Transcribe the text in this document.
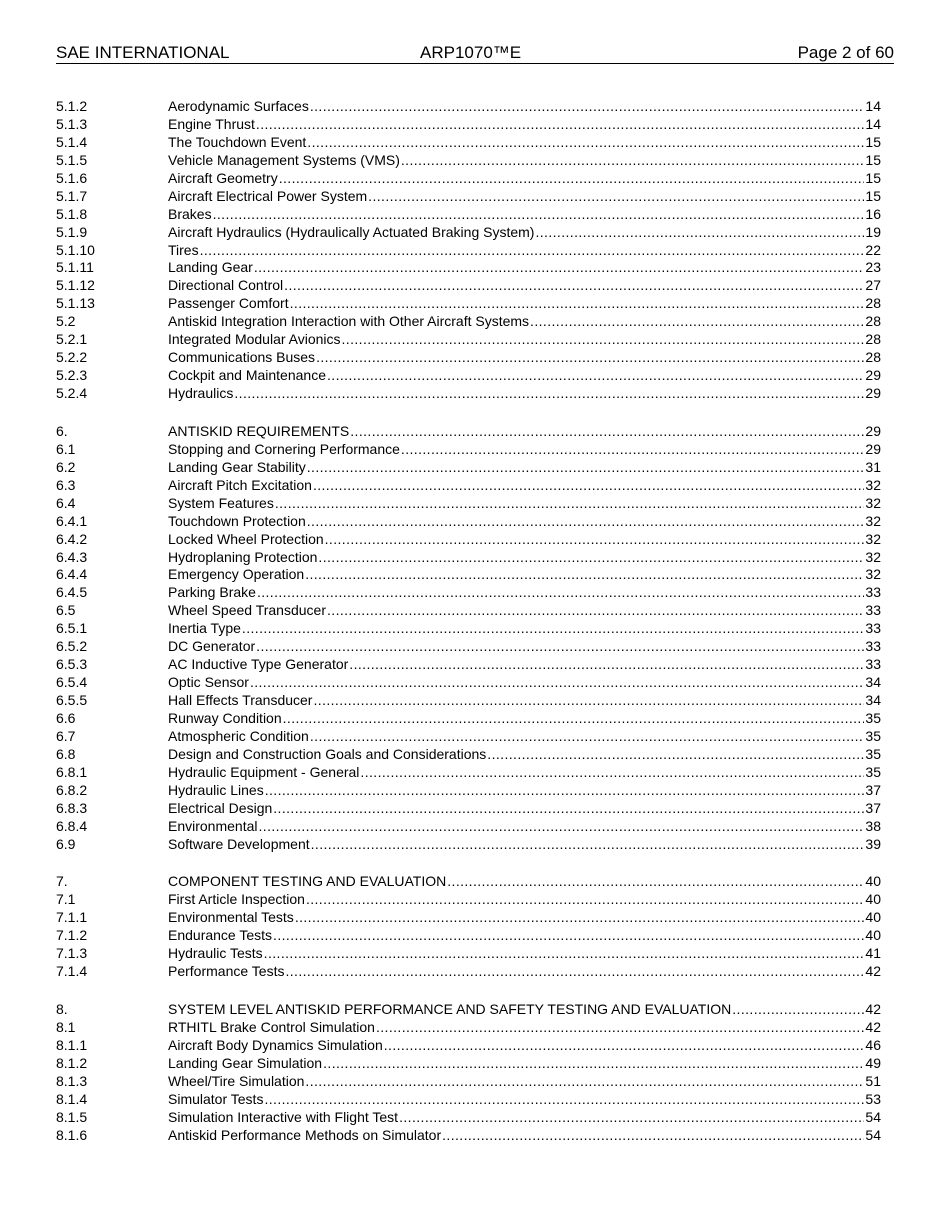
SAE INTERNATIONAL	ARP1070™E	Page 2 of 60
5.1.2	Aerodynamic Surfaces .....	14
5.1.3	Engine Thrust .....	14
5.1.4	The Touchdown Event .....	15
5.1.5	Vehicle Management Systems (VMS) .....	15
5.1.6	Aircraft Geometry .....	15
5.1.7	Aircraft Electrical Power System .....	15
5.1.8	Brakes .....	16
5.1.9	Aircraft Hydraulics (Hydraulically Actuated Braking System) .....	19
5.1.10	Tires .....	22
5.1.11	Landing Gear .....	23
5.1.12	Directional Control .....	27
5.1.13	Passenger Comfort .....	28
5.2	Antiskid Integration Interaction with Other Aircraft Systems .....	28
5.2.1	Integrated Modular Avionics .....	28
5.2.2	Communications Buses .....	28
5.2.3	Cockpit and Maintenance .....	29
5.2.4	Hydraulics .....	29
6.	ANTISKID REQUIREMENTS .....	29
6.1	Stopping and Cornering Performance .....	29
6.2	Landing Gear Stability .....	31
6.3	Aircraft Pitch Excitation .....	32
6.4	System Features .....	32
6.4.1	Touchdown Protection .....	32
6.4.2	Locked Wheel Protection .....	32
6.4.3	Hydroplaning Protection .....	32
6.4.4	Emergency Operation .....	32
6.4.5	Parking Brake .....	33
6.5	Wheel Speed Transducer .....	33
6.5.1	Inertia Type .....	33
6.5.2	DC Generator .....	33
6.5.3	AC Inductive Type Generator .....	33
6.5.4	Optic Sensor .....	34
6.5.5	Hall Effects Transducer .....	34
6.6	Runway Condition .....	35
6.7	Atmospheric Condition .....	35
6.8	Design and Construction Goals and Considerations .....	35
6.8.1	Hydraulic Equipment - General .....	35
6.8.2	Hydraulic Lines .....	37
6.8.3	Electrical Design .....	37
6.8.4	Environmental .....	38
6.9	Software Development .....	39
7.	COMPONENT TESTING AND EVALUATION .....	40
7.1	First Article Inspection .....	40
7.1.1	Environmental Tests .....	40
7.1.2	Endurance Tests .....	40
7.1.3	Hydraulic Tests .....	41
7.1.4	Performance Tests .....	42
8.	SYSTEM LEVEL ANTISKID PERFORMANCE AND SAFETY TESTING AND EVALUATION .....	42
8.1	RTHITL Brake Control Simulation .....	42
8.1.1	Aircraft Body Dynamics Simulation .....	46
8.1.2	Landing Gear Simulation .....	49
8.1.3	Wheel/Tire Simulation .....	51
8.1.4	Simulator Tests .....	53
8.1.5	Simulation Interactive with Flight Test .....	54
8.1.6	Antiskid Performance Methods on Simulator .....	54
